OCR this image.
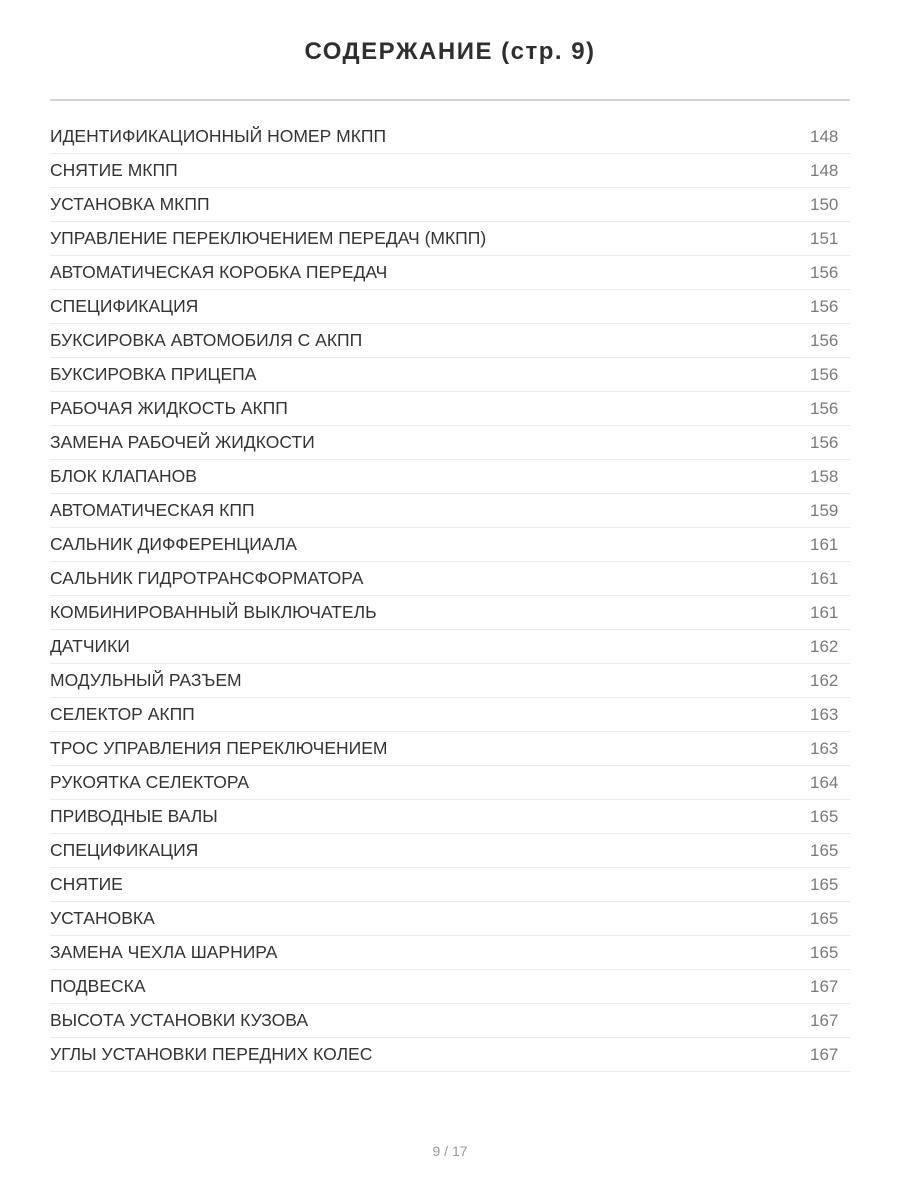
СОДЕРЖАНИЕ (стр. 9)
ИДЕНТИФИКАЦИОННЫЙ НОМЕР МКПП	148
СНЯТИЕ МКПП	148
УСТАНОВКА МКПП	150
УПРАВЛЕНИЕ ПЕРЕКЛЮЧЕНИЕМ ПЕРЕДАЧ (МКПП)	151
АВТОМАТИЧЕСКАЯ КОРОБКА ПЕРЕДАЧ	156
СПЕЦИФИКАЦИЯ	156
БУКСИРОВКА АВТОМОБИЛЯ С АКПП	156
БУКСИРОВКА ПРИЦЕПА	156
РАБОЧАЯ ЖИДКОСТЬ АКПП	156
ЗАМЕНА РАБОЧЕЙ ЖИДКОСТИ	156
БЛОК КЛАПАНОВ	158
АВТОМАТИЧЕСКАЯ КПП	159
САЛЬНИК ДИФФЕРЕНЦИАЛА	161
САЛЬНИК ГИДРОТРАНСФОРМАТОРА	161
КОМБИНИРОВАННЫЙ ВЫКЛЮЧАТЕЛЬ	161
ДАТЧИКИ	162
МОДУЛЬНЫЙ РАЗЪЕМ	162
СЕЛЕКТОР АКПП	163
ТРОС УПРАВЛЕНИЯ ПЕРЕКЛЮЧЕНИЕМ	163
РУКОЯТКА СЕЛЕКТОРА	164
ПРИВОДНЫЕ ВАЛЫ	165
СПЕЦИФИКАЦИЯ	165
СНЯТИЕ	165
УСТАНОВКА	165
ЗАМЕНА ЧЕХЛА ШАРНИРА	165
ПОДВЕСКА	167
ВЫСОТА УСТАНОВКИ КУЗОВА	167
УГЛЫ УСТАНОВКИ ПЕРЕДНИХ КОЛЕС	167
9 / 17
